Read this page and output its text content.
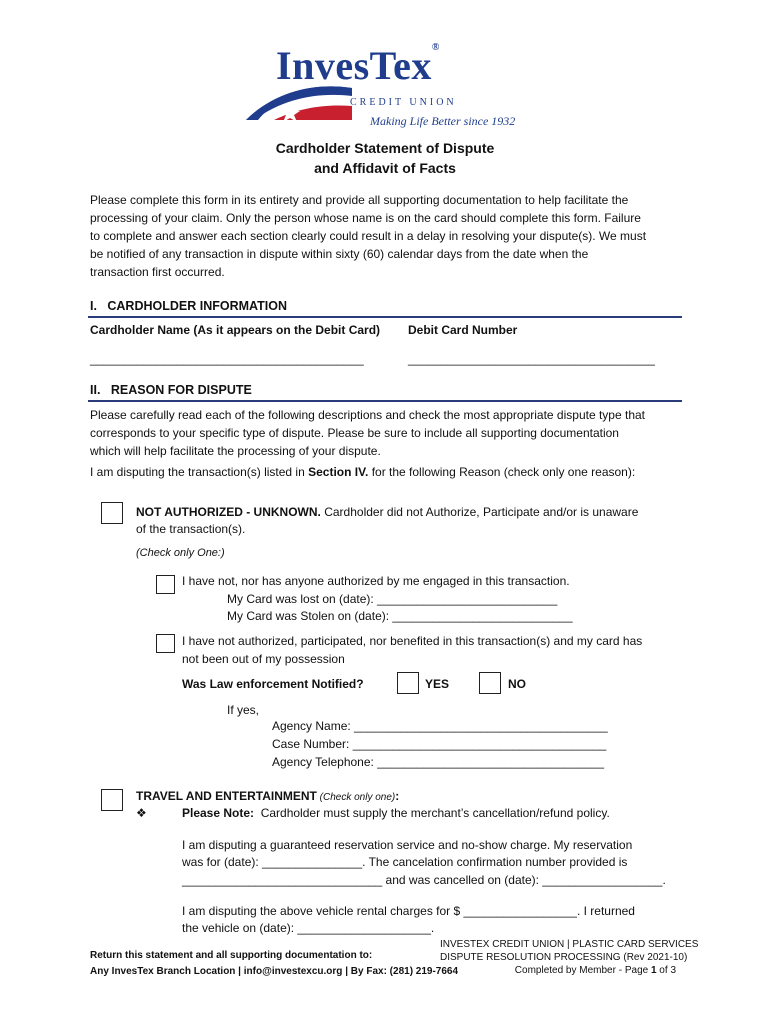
InvesTex®
CREDIT UNION
Making Life Better since 1932
Cardholder Statement of Dispute
and Affidavit of Facts
Please complete this form in its entirety and provide all supporting documentation to help facilitate the
processing of your claim. Only the person whose name is on the card should complete this form. Failure
to complete and answer each section clearly could result in a delay in resolving your dispute(s). We must
be notified of any transaction in dispute within sixty (60) calendar days from the date when the
transaction first occurred.
I.   CARDHOLDER INFORMATION
Cardholder Name (As it appears on the Debit Card) Debit Card Number
_________________________________________	_____________________________________
II.   REASON FOR DISPUTE
Please carefully read each of the following descriptions and check the most appropriate dispute type that
corresponds to your specific type of dispute. Please be sure to include all supporting documentation
which will help facilitate the processing of your dispute.
I am disputing the transaction(s) listed in Section IV. for the following Reason (check only one reason):
NOT AUTHORIZED - UNKNOWN. Cardholder did not Authorize, Participate and/or is unaware
of the transaction(s).
(Check only One:)
I have not, nor has anyone authorized by me engaged in this transaction.
My Card was lost on (date): ___________________________
My Card was Stolen on (date): ___________________________
I have not authorized, participated, nor benefited in this transaction(s) and my card has
not been out of my possession
Was Law enforcement Notified?	YES	NO
If yes,
Agency Name: ______________________________________
Case Number: ______________________________________
Agency Telephone: __________________________________
TRAVEL AND ENTERTAINMENT (Check only one):
❖	Please Note:  Cardholder must supply the merchant’s cancellation/refund policy.
I am disputing a guaranteed reservation service and no-show charge. My reservation
was for (date): _______________. The cancelation confirmation number provided is
______________________________ and was cancelled on (date): __________________.
I am disputing the above vehicle rental charges for $ _________________. I returned
the vehicle on (date): ____________________.
Return this statement and all supporting documentation to:
Any InvesTex Branch Location | info@investexcu.org | By Fax: (281) 219-7664
INVESTEX CREDIT UNION | PLASTIC CARD SERVICES
DISPUTE RESOLUTION PROCESSING (Rev 2021-10)
Completed by Member - Page 1 of 3
